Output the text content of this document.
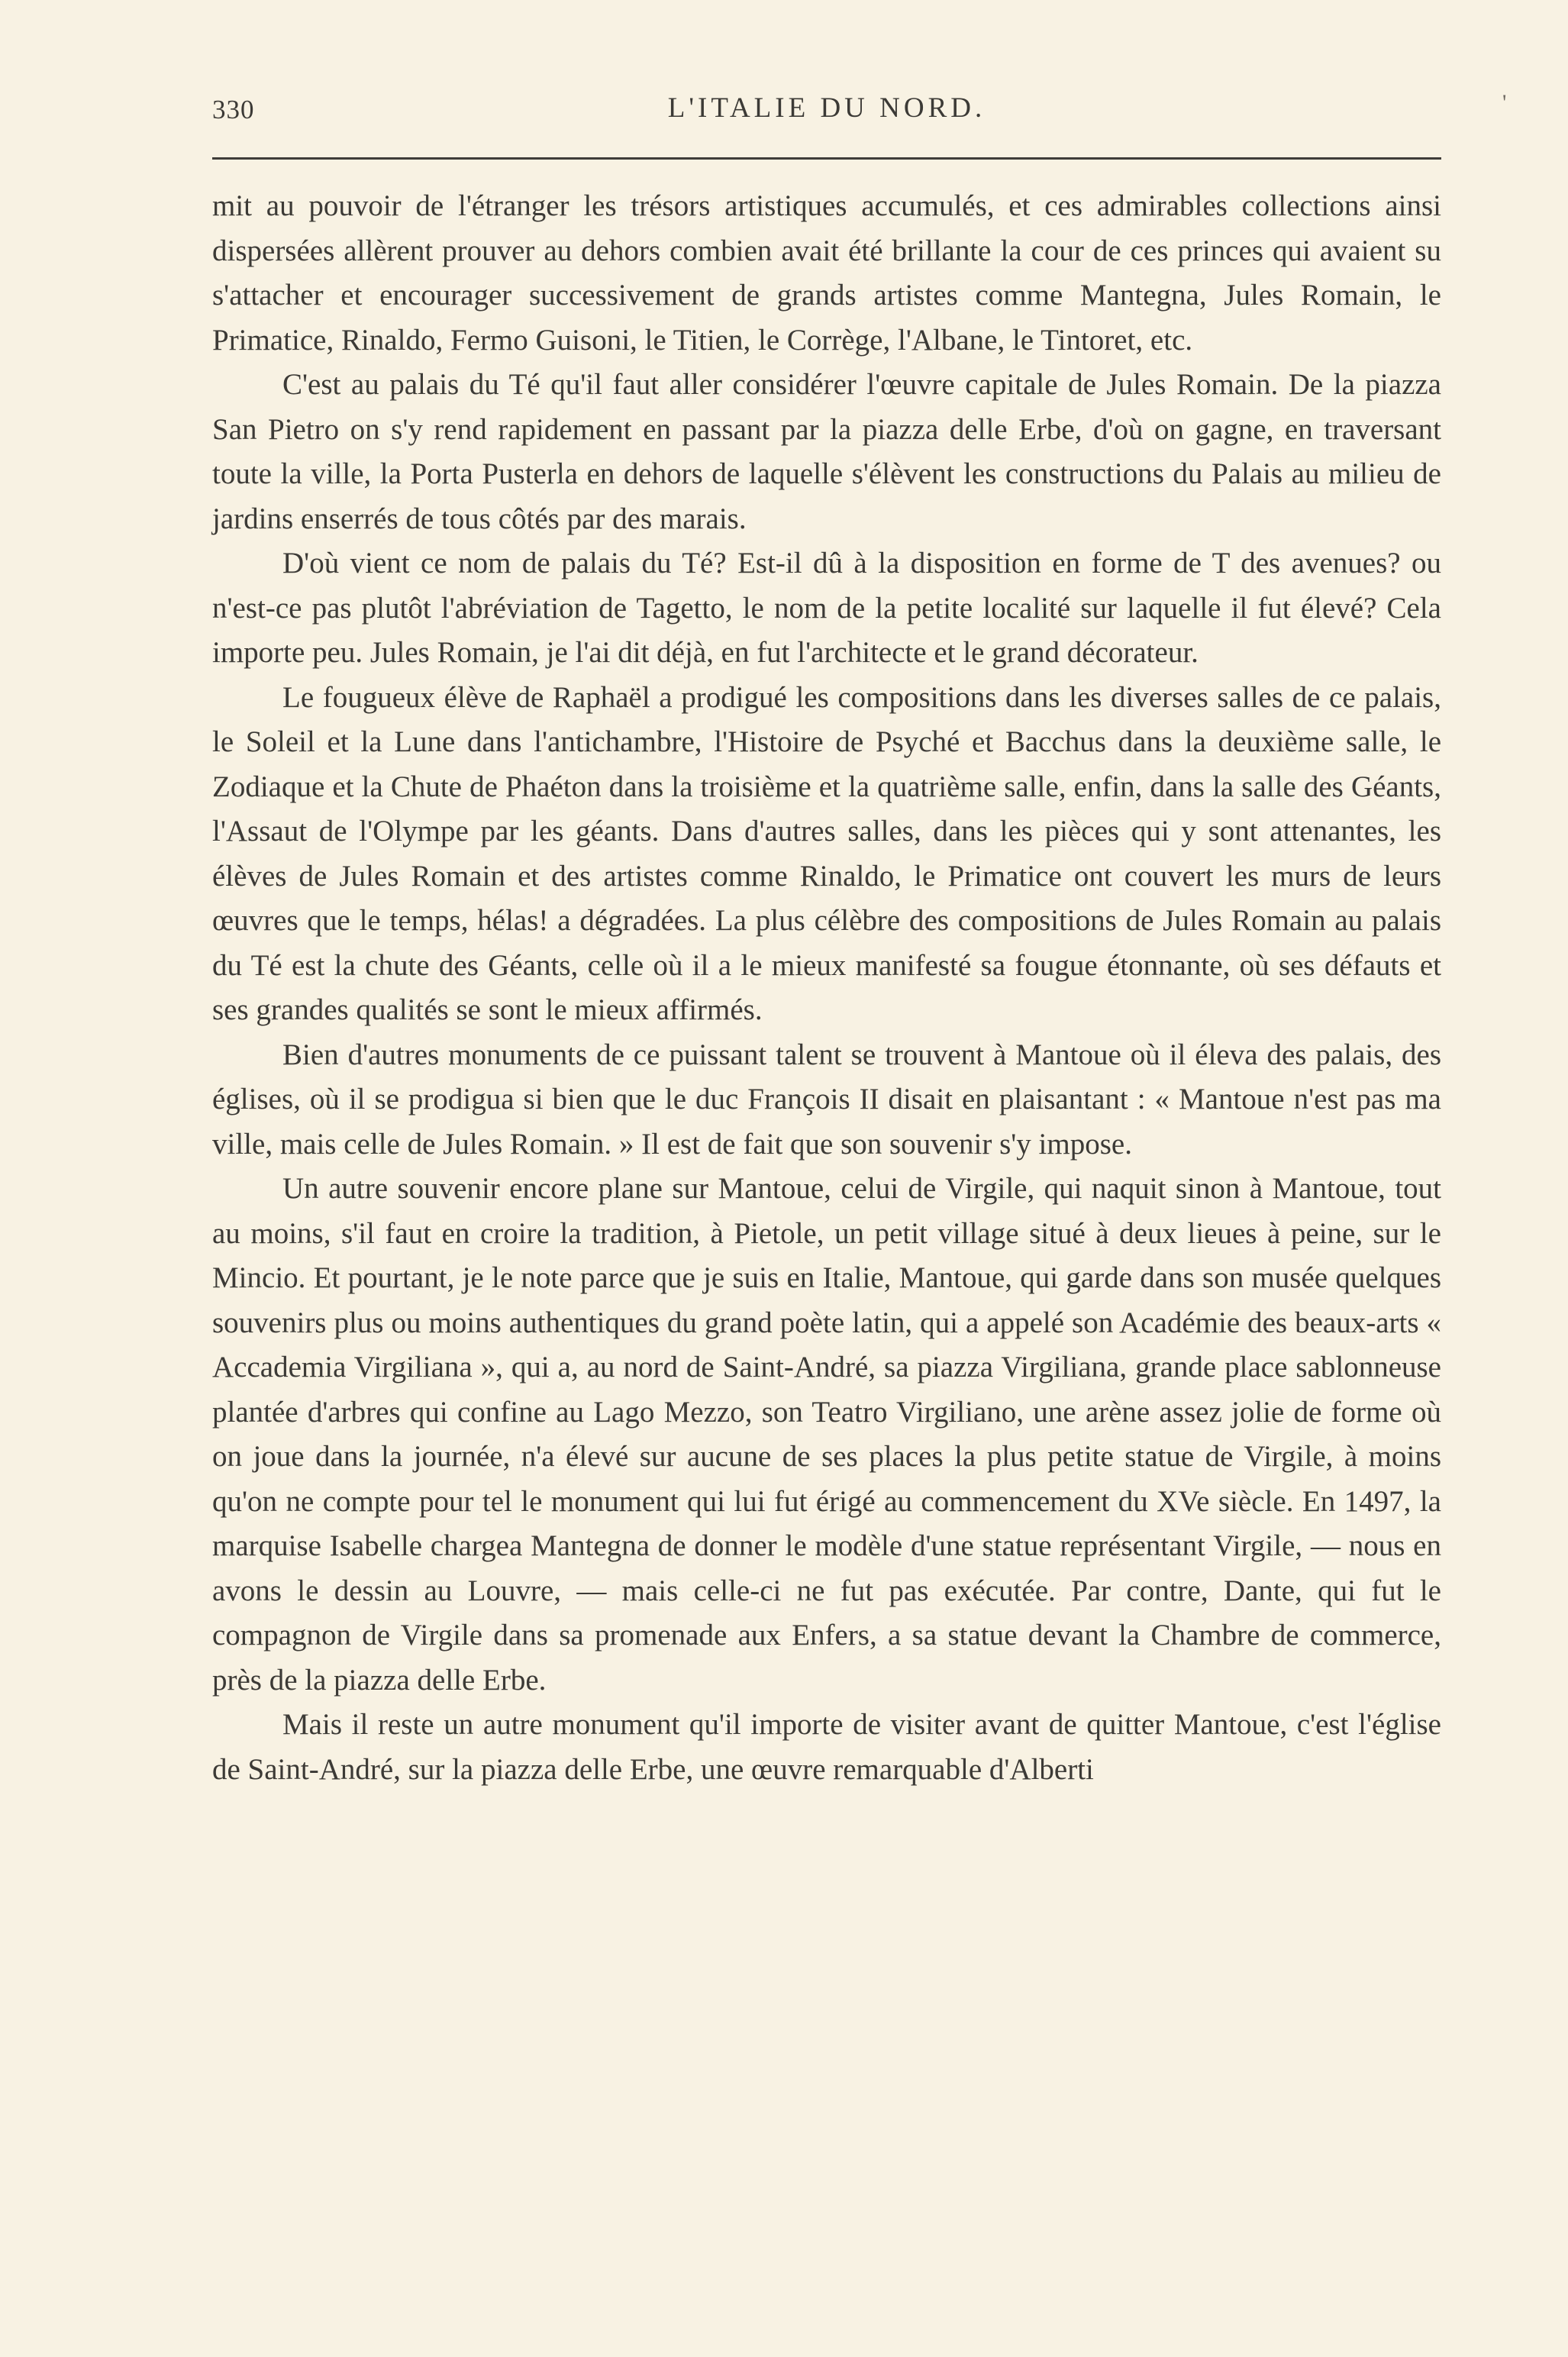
330	L'ITALIE DU NORD.	'

mit au pouvoir de l'étranger les trésors artistiques accumulés, et ces admirables collections ainsi dispersées allèrent prouver au dehors combien avait été brillante la cour de ces princes qui avaient su s'attacher et encourager successivement de grands artistes comme Mantegna, Jules Romain, le Primatice, Rinaldo, Fermo Guisoni, le Titien, le Corrège, l'Albane, le Tintoret, etc.

C'est au palais du Té qu'il faut aller considérer l'œuvre capitale de Jules Romain. De la piazza San Pietro on s'y rend rapidement en passant par la piazza delle Erbe, d'où on gagne, en traversant toute la ville, la Porta Pusterla en dehors de laquelle s'élèvent les constructions du Palais au milieu de jardins enserrés de tous côtés par des marais.

D'où vient ce nom de palais du Té? Est-il dû à la disposition en forme de T des avenues? ou n'est-ce pas plutôt l'abréviation de Tagetto, le nom de la petite localité sur laquelle il fut élevé? Cela importe peu. Jules Romain, je l'ai dit déjà, en fut l'architecte et le grand décorateur.

Le fougueux élève de Raphaël a prodigué les compositions dans les diverses salles de ce palais, le Soleil et la Lune dans l'antichambre, l'Histoire de Psyché et Bacchus dans la deuxième salle, le Zodiaque et la Chute de Phaéton dans la troisième et la quatrième salle, enfin, dans la salle des Géants, l'Assaut de l'Olympe par les géants. Dans d'autres salles, dans les pièces qui y sont attenantes, les élèves de Jules Romain et des artistes comme Rinaldo, le Primatice ont couvert les murs de leurs œuvres que le temps, hélas! a dégradées. La plus célèbre des compositions de Jules Romain au palais du Té est la chute des Géants, celle où il a le mieux manifesté sa fougue étonnante, où ses défauts et ses grandes qualités se sont le mieux affirmés.

Bien d'autres monuments de ce puissant talent se trouvent à Mantoue où il éleva des palais, des églises, où il se prodigua si bien que le duc François II disait en plaisantant : « Mantoue n'est pas ma ville, mais celle de Jules Romain. » Il est de fait que son souvenir s'y impose.

Un autre souvenir encore plane sur Mantoue, celui de Virgile, qui naquit sinon à Mantoue, tout au moins, s'il faut en croire la tradition, à Pietole, un petit village situé à deux lieues à peine, sur le Mincio. Et pourtant, je le note parce que je suis en Italie, Mantoue, qui garde dans son musée quelques souvenirs plus ou moins authentiques du grand poète latin, qui a appelé son Académie des beaux-arts « Accademia Virgiliana », qui a, au nord de Saint-André, sa piazza Virgiliana, grande place sablonneuse plantée d'arbres qui confine au Lago Mezzo, son Teatro Virgiliano, une arène assez jolie de forme où on joue dans la journée, n'a élevé sur aucune de ses places la plus petite statue de Virgile, à moins qu'on ne compte pour tel le monument qui lui fut érigé au commencement du XVe siècle. En 1497, la marquise Isabelle chargea Mantegna de donner le modèle d'une statue représentant Virgile, — nous en avons le dessin au Louvre, — mais celle-ci ne fut pas exécutée. Par contre, Dante, qui fut le compagnon de Virgile dans sa promenade aux Enfers, a sa statue devant la Chambre de commerce, près de la piazza delle Erbe.

Mais il reste un autre monument qu'il importe de visiter avant de quitter Mantoue, c'est l'église de Saint-André, sur la piazza delle Erbe, une œuvre remarquable d'Alberti
